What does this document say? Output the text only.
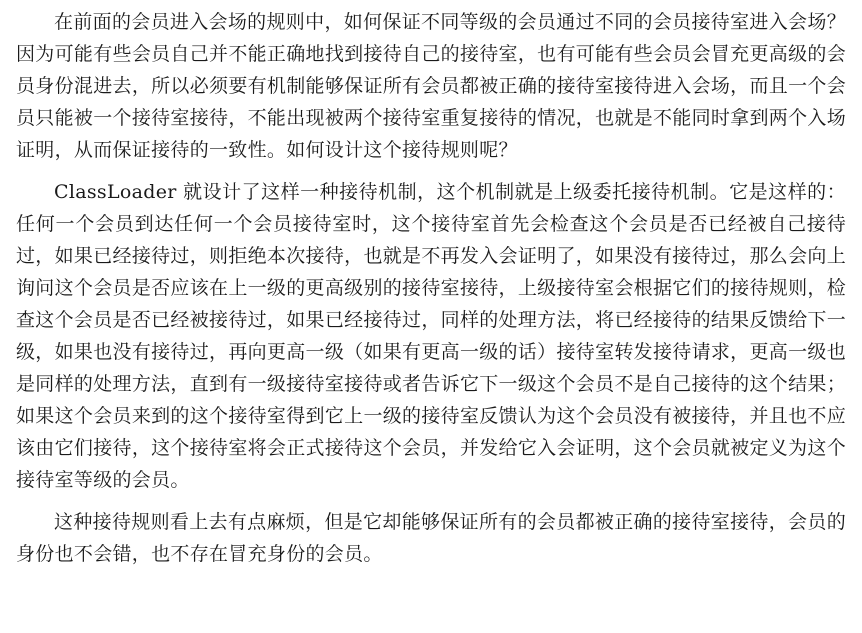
在前面的会员进入会场的规则中，如何保证不同等级的会员通过不同的会员接待室进入会场？因为可能有些会员自己并不能正确地找到接待自己的接待室，也有可能有些会员会冒充更高级的会员身份混进去，所以必须要有机制能够保证所有会员都被正确的接待室接待进入会场，而且一个会员只能被一个接待室接待，不能出现被两个接待室重复接待的情况，也就是不能同时拿到两个入场证明，从而保证接待的一致性。如何设计这个接待规则呢？

ClassLoader 就设计了这样一种接待机制，这个机制就是上级委托接待机制。它是这样的：任何一个会员到达任何一个会员接待室时，这个接待室首先会检查这个会员是否已经被自己接待过，如果已经接待过，则拒绝本次接待，也就是不再发入会证明了，如果没有接待过，那么会向上询问这个会员是否应该在上一级的更高级别的接待室接待，上级接待室会根据它们的接待规则，检查这个会员是否已经被接待过，如果已经接待过，同样的处理方法，将已经接待的结果反馈给下一级，如果也没有接待过，再向更高一级（如果有更高一级的话）接待室转发接待请求，更高一级也是同样的处理方法，直到有一级接待室接待或者告诉它下一级这个会员不是自己接待的这个结果；如果这个会员来到的这个接待室得到它上一级的接待室反馈认为这个会员没有被接待，并且也不应该由它们接待，这个接待室将会正式接待这个会员，并发给它入会证明，这个会员就被定义为这个接待室等级的会员。

这种接待规则看上去有点麻烦，但是它却能够保证所有的会员都被正确的接待室接待，会员的身份也不会错，也不存在冒充身份的会员。
